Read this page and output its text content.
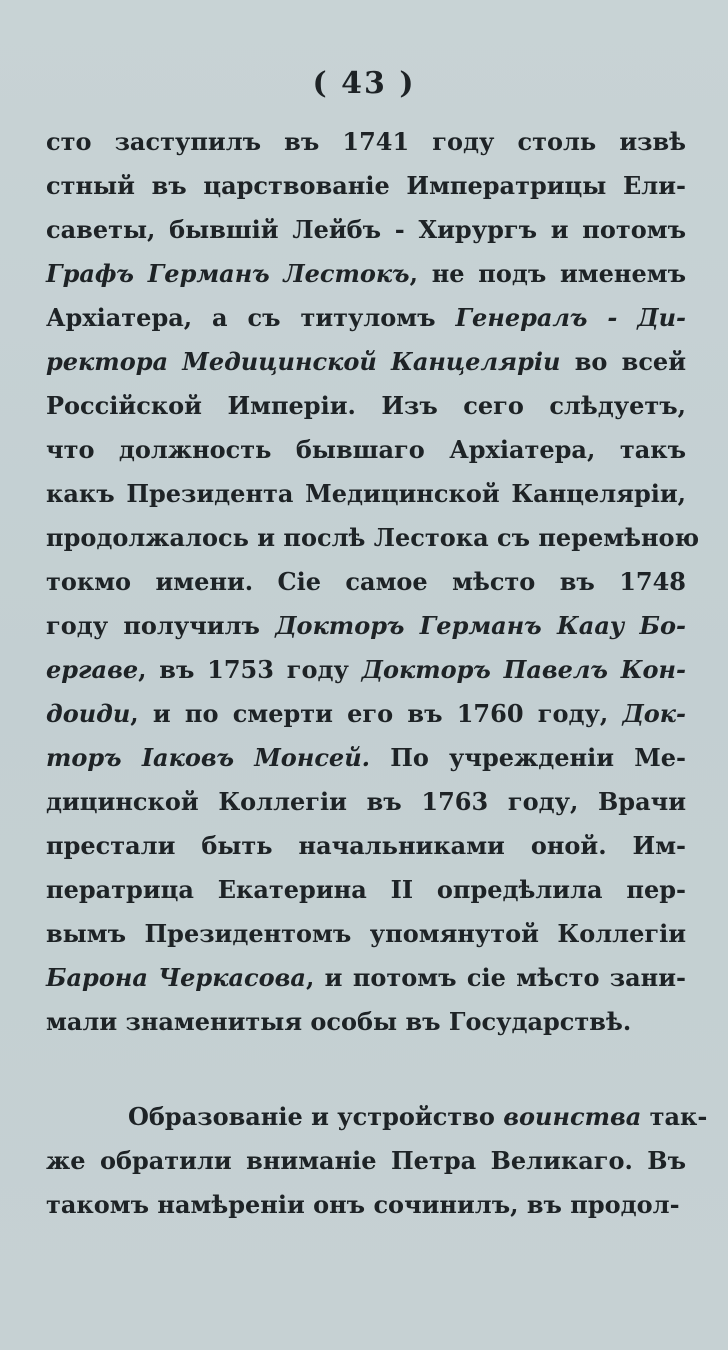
( 43 )
сто заступилъ въ 1741 году столь извѣ
стный въ царствованіе Императрицы Ели-
саветы, бывшій Лейбъ - Хирургъ и потомъ
Графъ Германъ Лестокъ, не подъ именемъ
Архіатера, а съ титуломъ Генералъ - Ди-
ректора Медицинской Канцеляріи во всей
Россійской Имперіи. Изъ сего слѣдуетъ,
что должность бывшаго Архіатера, такъ
какъ Президента Медицинской Канцеляріи,
продолжалось и послѣ Лестока съ перемѣною
токмо имени. Сіе самое мѣсто въ 1748
году получилъ Докторъ Германъ Каау Бо-
ергаве, въ 1753 году Докторъ Павелъ Кон-
доиди, и по смерти его въ 1760 году, Док-
торъ Іаковъ Монсей. По учрежденіи Ме-
дицинской Коллегіи въ 1763 году, Врачи
престали быть начальниками оной. Им-
ператрица Екатерина II опредѣлила пер-
вымъ Президентомъ упомянутой Коллегіи
Барона Черкасова, и потомъ сіе мѣсто зани-
мали знаменитыя особы въ Государствѣ.
Образованіе и устройство воинства так-
же обратили вниманіе Петра Великаго. Въ
такомъ намѣреніи онъ сочинилъ, въ продол-
